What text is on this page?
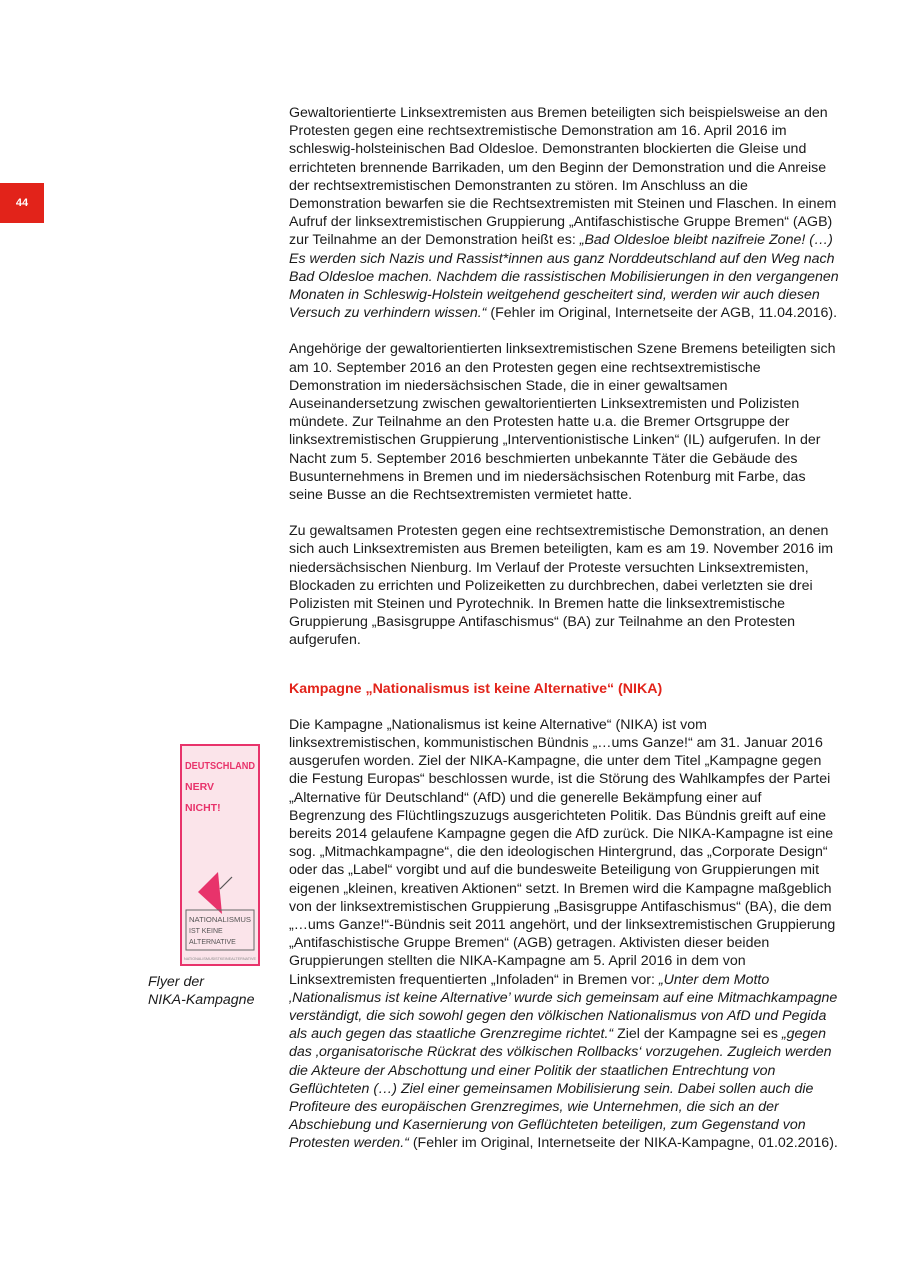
44

Gewaltorientierte Linksextremisten aus Bremen beteiligten sich beispielsweise an den Protesten gegen eine rechtsextremistische Demonstration am 16. April 2016 im schleswig-holsteinischen Bad Oldesloe. Demonstranten blockierten die Gleise und errichteten brennende Barrikaden, um den Beginn der Demonstration und die Anreise der rechtsextremistischen Demonstranten zu stören. Im Anschluss an die Demonstration bewarfen sie die Rechtsextremisten mit Steinen und Flaschen. In einem Aufruf der linksextremistischen Gruppierung „Antifaschistische Gruppe Bremen“ (AGB) zur Teilnahme an der Demonstration heißt es: „Bad Oldesloe bleibt nazifreie Zone! (…) Es werden sich Nazis und Rassist*innen aus ganz Norddeutschland auf den Weg nach Bad Oldesloe machen. Nachdem die rassistischen Mobilisierungen in den vergangenen Monaten in Schleswig-Holstein weitgehend gescheitert sind, werden wir auch diesen Versuch zu verhindern wissen.“ (Fehler im Original, Internetseite der AGB, 11.04.2016).

Angehörige der gewaltorientierten linksextremistischen Szene Bremens beteiligten sich am 10. September 2016 an den Protesten gegen eine rechtsextremistische Demonstration im niedersächsischen Stade, die in einer gewaltsamen Auseinandersetzung zwischen gewaltorientierten Linksextremisten und Polizisten mündete. Zur Teilnahme an den Protesten hatte u.a. die Bremer Ortsgruppe der linksextremistischen Gruppierung „Interventionistische Linken“ (IL) aufgerufen. In der Nacht zum 5. September 2016 beschmierten unbekannte Täter die Gebäude des Busunternehmens in Bremen und im niedersächsischen Rotenburg mit Farbe, das seine Busse an die Rechtsextremisten vermietet hatte.

Zu gewaltsamen Protesten gegen eine rechtsextremistische Demonstration, an denen sich auch Linksextremisten aus Bremen beteiligten, kam es am 19. November 2016 im niedersächsischen Nienburg. Im Verlauf der Proteste versuchten Linksextremisten, Blockaden zu errichten und Polizeiketten zu durchbrechen, dabei verletzten sie drei Polizisten mit Steinen und Pyrotechnik. In Bremen hatte die linksextremistische Gruppierung „Basisgruppe Antifaschismus“ (BA) zur Teilnahme an den Protesten aufgerufen.

Kampagne „Nationalismus ist keine Alternative“ (NIKA)

Die Kampagne „Nationalismus ist keine Alternative“ (NIKA) ist vom linksextremistischen, kommunistischen Bündnis „…ums Ganze!“ am 31. Januar 2016 ausgerufen worden. Ziel der NIKA-Kampagne, die unter dem Titel „Kampagne gegen die Festung Europas“ beschlossen wurde, ist die Störung des Wahlkampfes der Partei „Alternative für Deutschland“ (AfD) und die generelle Bekämpfung einer auf Begrenzung des Flüchtlingszuzugs ausgerichteten Politik. Das Bündnis greift auf eine bereits 2014 gelaufene Kampagne gegen die AfD zurück. Die NIKA-Kampagne ist eine sog. „Mitmachkampagne“, die den ideologischen Hintergrund, das „Corporate Design“ oder das „Label“ vorgibt und auf die bundesweite Beteiligung von Gruppierungen mit eigenen „kleinen, kreativen Aktionen“ setzt. In Bremen wird die Kampagne maßgeblich von der linksextremistischen Gruppierung „Basisgruppe Antifaschismus“ (BA), die dem „…ums Ganze!“-Bündnis seit 2011 angehört, und der linksextremistischen Gruppierung „Antifaschistische Gruppe Bremen“ (AGB) getragen. Aktivisten dieser beiden Gruppierungen stellten die NIKA-Kampagne am 5. April 2016 in dem von Linksextremisten frequentierten „Infoladen“ in Bremen vor: „Unter dem Motto ‚Nationalismus ist keine Alternative’ wurde sich gemeinsam auf eine Mitmachkampagne verständigt, die sich sowohl gegen den völkischen Nationalismus von AfD und Pegida als auch gegen das staatliche Grenzregime richtet.“ Ziel der Kampagne sei es „gegen das ‚organisatorische Rückrat des völkischen Rollbacks‘ vorzugehen. Zugleich werden die Akteure der Abschottung und einer Politik der staatlichen Entrechtung von Geflüchteten (…) Ziel einer gemeinsamen Mobilisierung sein. Dabei sollen auch die Profiteure des europäischen Grenzregimes, wie Unternehmen, die sich an der Abschiebung und Kasernierung von Geflüchteten beteiligen, zum Gegenstand von Protesten werden.“ (Fehler im Original, Internetseite der NIKA-Kampagne, 01.02.2016).

DEUTSCHLAND
NERV
NICHT!
NATIONALISMUS
IST KEINE
ALTERNATIVE
NATIONALISMUSISTKEINEALTERNATIVE
Flyer der
NIKA-Kampagne
